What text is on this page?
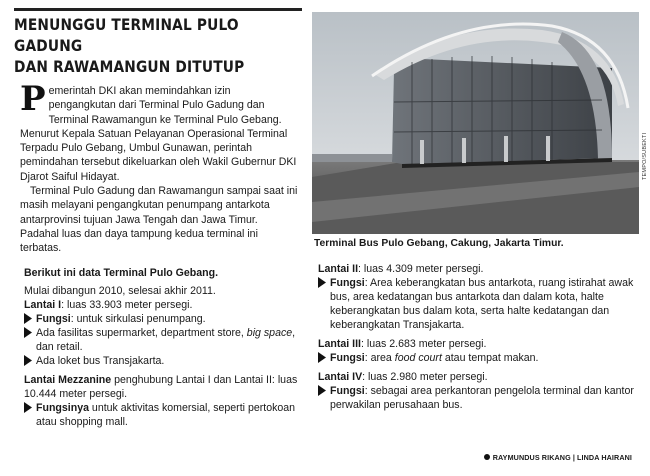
MENUNGGU TERMINAL PULO GADUNG
DAN RAWAMANGUN DITUTUP

Pemerintah DKI akan memindahkan izin pengangkutan dari Terminal Pulo Gadung dan Terminal Rawamangun ke Terminal Pulo Gebang. Menurut Kepala Satuan Pelayanan Operasional Terminal Terpadu Pulo Gebang, Umbul Gunawan, perintah pemindahan tersebut dikeluarkan oleh Wakil Gubernur DKI Djarot Saiful Hidayat.

Terminal Pulo Gadung dan Rawamangun sampai saat ini masih melayani pengangkutan penumpang antarkota antarprovinsi tujuan Jawa Tengah dan Jawa Timur. Padahal luas dan daya tampung kedua terminal ini terbatas.

TEMPO/SUBEKTI
Terminal Bus Pulo Gebang, Cakung, Jakarta Timur.
Berikut ini data Terminal Pulo Gebang.
Mulai dibangun 2010, selesai akhir 2011.
Lantai I: luas 33.903 meter persegi.
Fungsi: untuk sirkulasi penumpang.
Ada fasilitas supermarket, department store, big space, dan retail.
Ada loket bus Transjakarta.
Lantai Mezzanine penghubung Lantai I dan Lantai II: luas 10.444 meter persegi.
Fungsinya untuk aktivitas komersial, seperti pertokoan atau shopping mall.
Lantai II: luas 4.309 meter persegi.
Fungsi: Area keberangkatan bus antarkota, ruang istirahat awak bus, area kedatangan bus antarkota dan dalam kota, halte keberangkatan bus dalam kota, serta halte kedatangan dan keberangkatan Transjakarta.
Lantai III: luas 2.683 meter persegi.
Fungsi: area food court atau tempat makan.
Lantai IV: luas 2.980 meter persegi.
Fungsi: sebagai area perkantoran pengelola terminal dan kantor perwakilan perusahaan bus.
RAYMUNDUS RIKANG | LINDA HAIRANI
